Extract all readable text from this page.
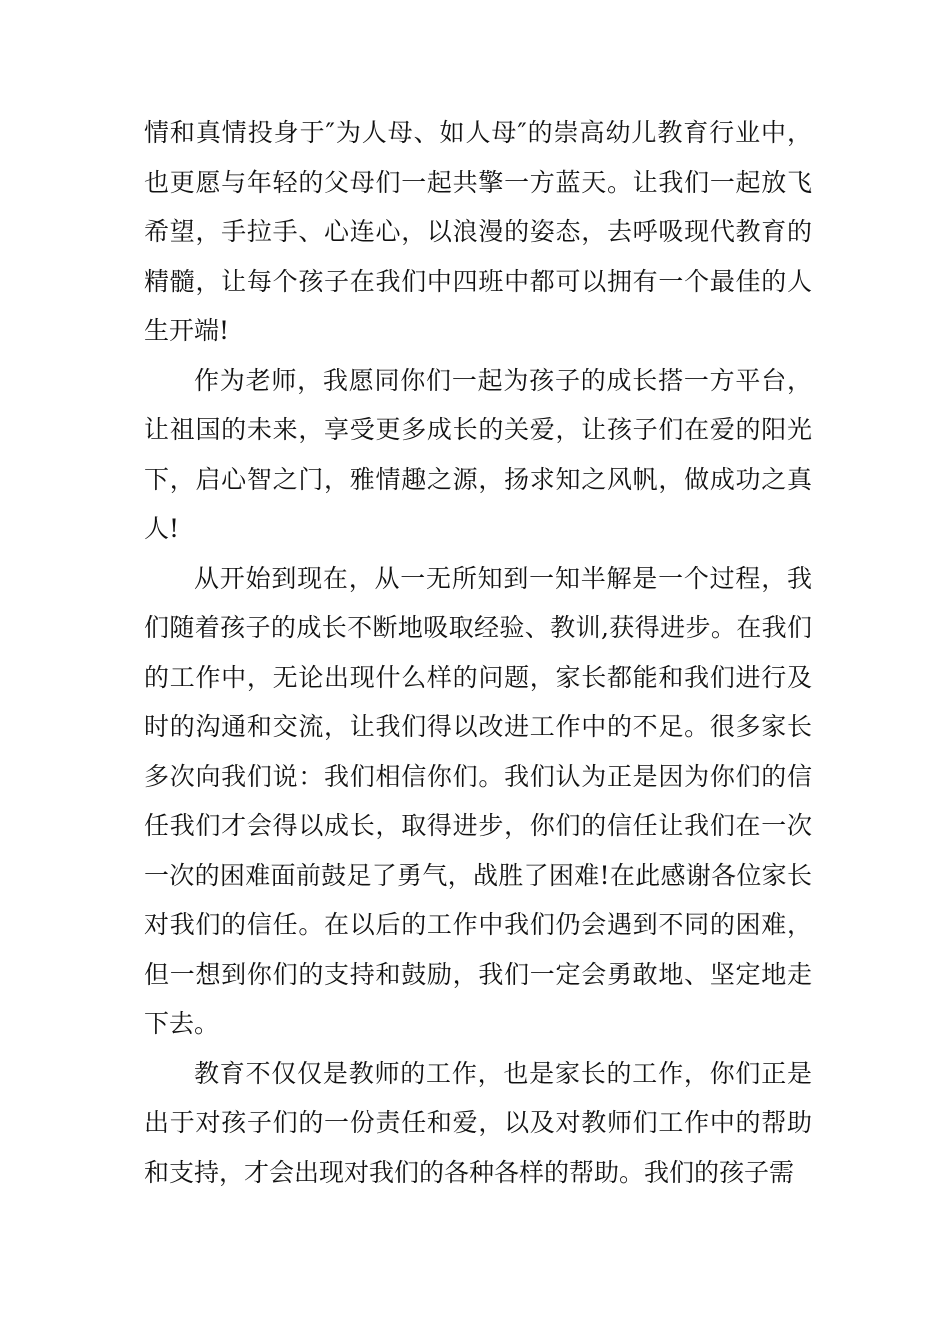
情和真情投身于″为人母、如人母″的崇高幼儿教育行业中，也更愿与年轻的父母们一起共擎一方蓝天。让我们一起放飞希望，手拉手、心连心，以浪漫的姿态，去呼吸现代教育的精髓，让每个孩子在我们中四班中都可以拥有一个最佳的人生开端!

作为老师，我愿同你们一起为孩子的成长搭一方平台，让祖国的未来，享受更多成长的关爱，让孩子们在爱的阳光下，启心智之门，雅情趣之源，扬求知之风帆，做成功之真人!

从开始到现在，从一无所知到一知半解是一个过程，我们随着孩子的成长不断地吸取经验、教训,获得进步。在我们的工作中，无论出现什么样的问题，家长都能和我们进行及时的沟通和交流，让我们得以改进工作中的不足。很多家长多次向我们说：我们相信你们。我们认为正是因为你们的信任我们才会得以成长，取得进步，你们的信任让我们在一次一次的困难面前鼓足了勇气，战胜了困难!在此感谢各位家长对我们的信任。在以后的工作中我们仍会遇到不同的困难，但一想到你们的支持和鼓励，我们一定会勇敢地、坚定地走下去。

教育不仅仅是教师的工作，也是家长的工作，你们正是出于对孩子们的一份责任和爱，以及对教师们工作中的帮助和支持，才会出现对我们的各种各样的帮助。我们的孩子需
